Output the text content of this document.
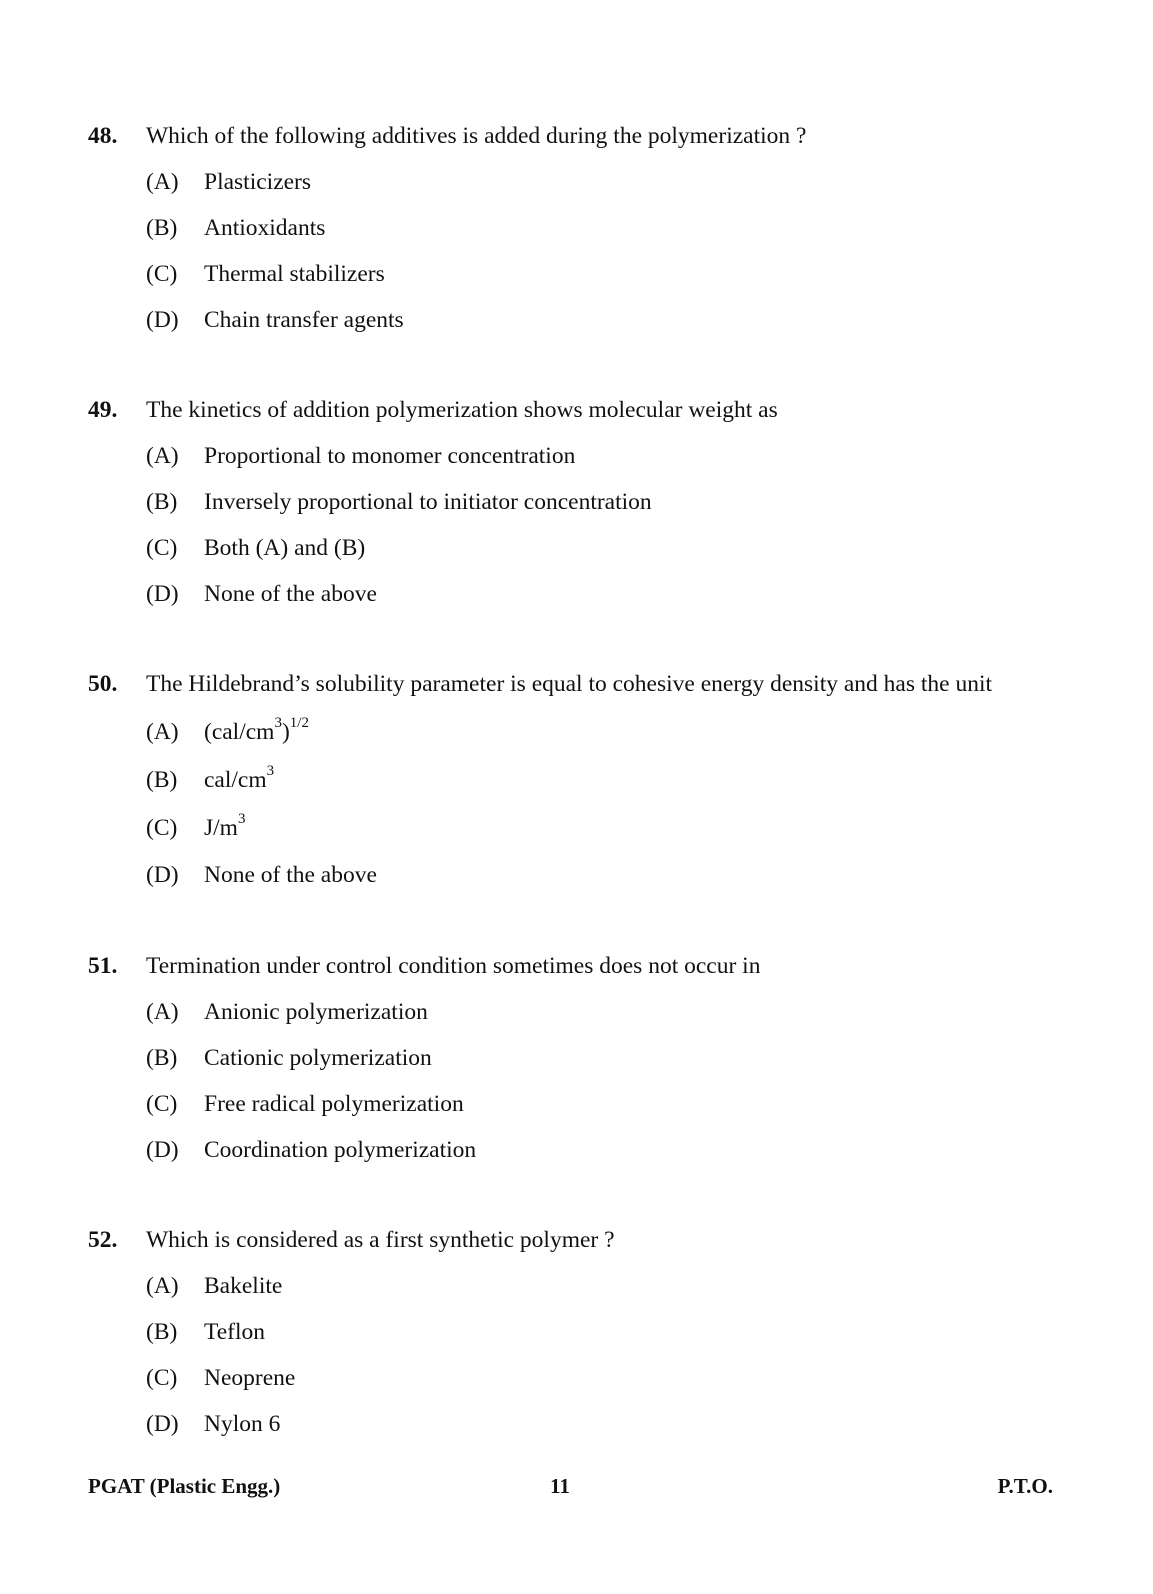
48. Which of the following additives is added during the polymerization ?
(A) Plasticizers
(B) Antioxidants
(C) Thermal stabilizers
(D) Chain transfer agents
49. The kinetics of addition polymerization shows molecular weight as
(A) Proportional to monomer concentration
(B) Inversely proportional to initiator concentration
(C) Both (A) and (B)
(D) None of the above
50. The Hildebrand’s solubility parameter is equal to cohesive energy density and has the unit
(A) $(cal/cm^3)^{1/2}$
(B) cal/$cm^3$
(C) $J/m^3$
(D) None of the above
51. Termination under control condition sometimes does not occur in
(A) Anionic polymerization
(B) Cationic polymerization
(C) Free radical polymerization
(D) Coordination polymerization
52. Which is considered as a first synthetic polymer ?
(A) Bakelite
(B) Teflon
(C) Neoprene
(D) Nylon 6
PGAT (Plastic Engg.)	11	P.T.O.
